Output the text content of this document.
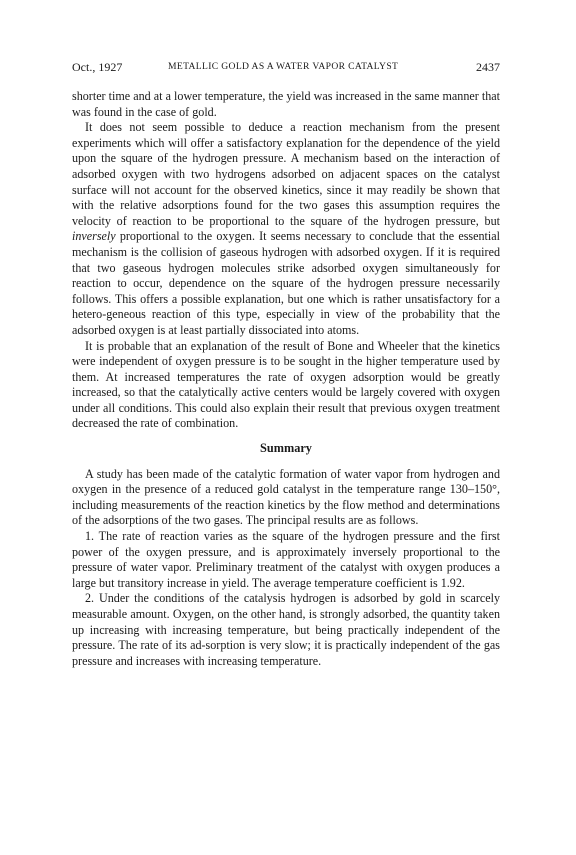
Oct., 1927	METALLIC GOLD AS A WATER VAPOR CATALYST	2437

shorter time and at a lower temperature, the yield was increased in the same manner that was found in the case of gold.

It does not seem possible to deduce a reaction mechanism from the present experiments which will offer a satisfactory explanation for the dependence of the yield upon the square of the hydrogen pressure. A mechanism based on the interaction of adsorbed oxygen with two hydrogens adsorbed on adjacent spaces on the catalyst surface will not account for the observed kinetics, since it may readily be shown that with the relative adsorptions found for the two gases this assumption requires the velocity of reaction to be proportional to the square of the hydrogen pressure, but inversely proportional to the oxygen. It seems necessary to conclude that the essential mechanism is the collision of gaseous hydrogen with adsorbed oxygen. If it is required that two gaseous hydrogen molecules strike adsorbed oxygen simultaneously for reaction to occur, dependence on the square of the hydrogen pressure necessarily follows. This offers a possible explanation, but one which is rather unsatisfactory for a hetero-geneous reaction of this type, especially in view of the probability that the adsorbed oxygen is at least partially dissociated into atoms.

It is probable that an explanation of the result of Bone and Wheeler that the kinetics were independent of oxygen pressure is to be sought in the higher temperature used by them. At increased temperatures the rate of oxygen adsorption would be greatly increased, so that the catalytically active centers would be largely covered with oxygen under all conditions. This could also explain their result that previous oxygen treatment decreased the rate of combination.

Summary

A study has been made of the catalytic formation of water vapor from hydrogen and oxygen in the presence of a reduced gold catalyst in the temperature range 130–150°, including measurements of the reaction kinetics by the flow method and determinations of the adsorptions of the two gases. The principal results are as follows.

1. The rate of reaction varies as the square of the hydrogen pressure and the first power of the oxygen pressure, and is approximately inversely proportional to the pressure of water vapor. Preliminary treatment of the catalyst with oxygen produces a large but transitory increase in yield. The average temperature coefficient is 1.92.

2. Under the conditions of the catalysis hydrogen is adsorbed by gold in scarcely measurable amount. Oxygen, on the other hand, is strongly adsorbed, the quantity taken up increasing with increasing temperature, but being practically independent of the pressure. The rate of its ad-sorption is very slow; it is practically independent of the gas pressure and increases with increasing temperature.
